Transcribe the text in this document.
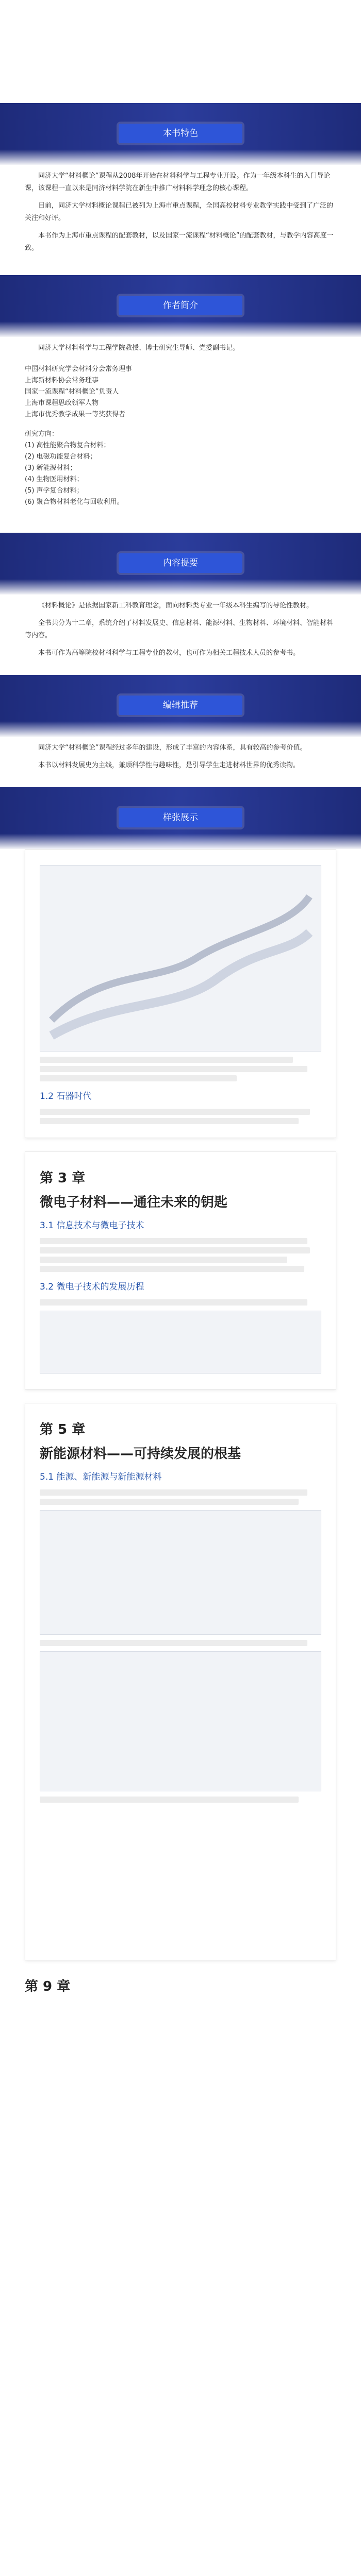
本书特色

同济大学“材料概论”课程从2008年开始在材料科学与工程专业开设。作为一年级本科生的入门导论课，该课程一直以来是同济材料学院在新生中推广材料科学理念的核心课程。

目前，同济大学材料概论课程已被列为上海市重点课程，全国高校材料专业教学实践中受到了广泛的关注和好评。

本书作为上海市重点课程的配套教材，以及国家一流课程“材料概论”的配套教材，与教学内容高度一致。

作者简介

同济大学材料科学与工程学院教授、博士研究生导师、党委副书记。

中国材料研究学会材料分会常务理事
上海新材料协会常务理事
国家一流课程“材料概论”负责人
上海市课程思政领军人物
上海市优秀教学成果一等奖获得者
研究方向：
(1) 高性能聚合物复合材料；
(2) 电磁功能复合材料；
(3) 新能源材料；
(4) 生物医用材料；
(5) 声学复合材料；
(6) 聚合物材料老化与回收利用。
内容提要

《材料概论》是依据国家新工科教育理念，面向材料类专业一年级本科生编写的导论性教材。

全书共分为十二章，系统介绍了材料发展史、信息材料、能源材料、生物材料、环境材料、智能材料等内容。

本书可作为高等院校材料科学与工程专业的教材，也可作为相关工程技术人员的参考书。

编辑推荐

同济大学“材料概论”课程经过多年的建设，形成了丰富的内容体系，具有较高的参考价值。

本书以材料发展史为主线，兼顾科学性与趣味性，是引导学生走进材料世界的优秀读物。

样张展示
1.2 石器时代
第 3 章
微电子材料——通往未来的钥匙
3.1 信息技术与微电子技术
3.2 微电子技术的发展历程
第 5 章
新能源材料——可持续发展的根基
5.1 能源、新能源与新能源材料
第 9 章
